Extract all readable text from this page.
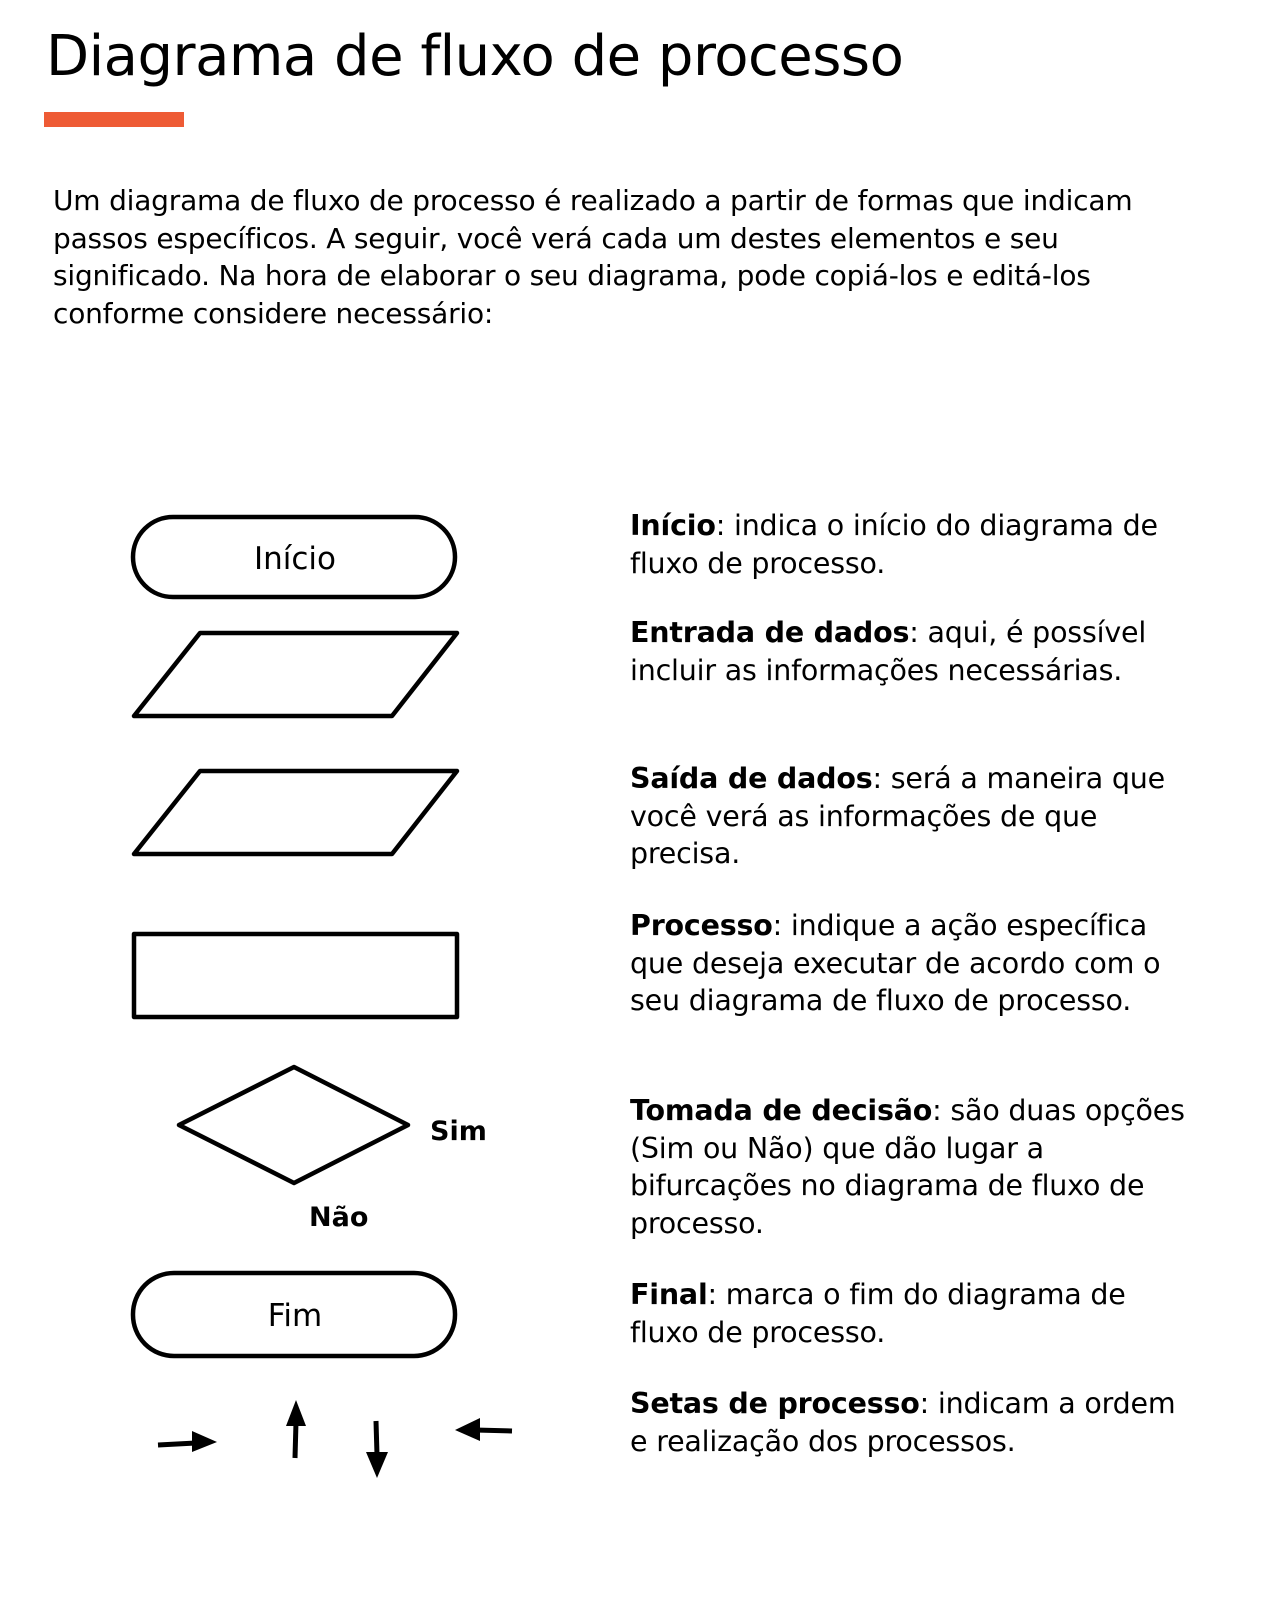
Diagrama de fluxo de processo

Um diagrama de fluxo de processo é realizado a partir de formas que indicam passos específicos. A seguir, você verá cada um destes elementos e seu significado. Na hora de elaborar o seu diagrama, pode copiá-los e editá-los conforme considere necessário:

Início
Fim
Sim
Não
Início: indica o início do diagrama de fluxo de processo.
Entrada de dados: aqui, é possível incluir as informações necessárias.
Saída de dados: será a maneira que você verá as informações de que precisa.
Processo: indique a ação específica que deseja executar de acordo com o seu diagrama de fluxo de processo.
Tomada de decisão: são duas opções (Sim ou Não) que dão lugar a bifurcações no diagrama de fluxo de processo.
Final: marca o fim do diagrama de fluxo de processo.
Setas de processo: indicam a ordem e realização dos processos.
